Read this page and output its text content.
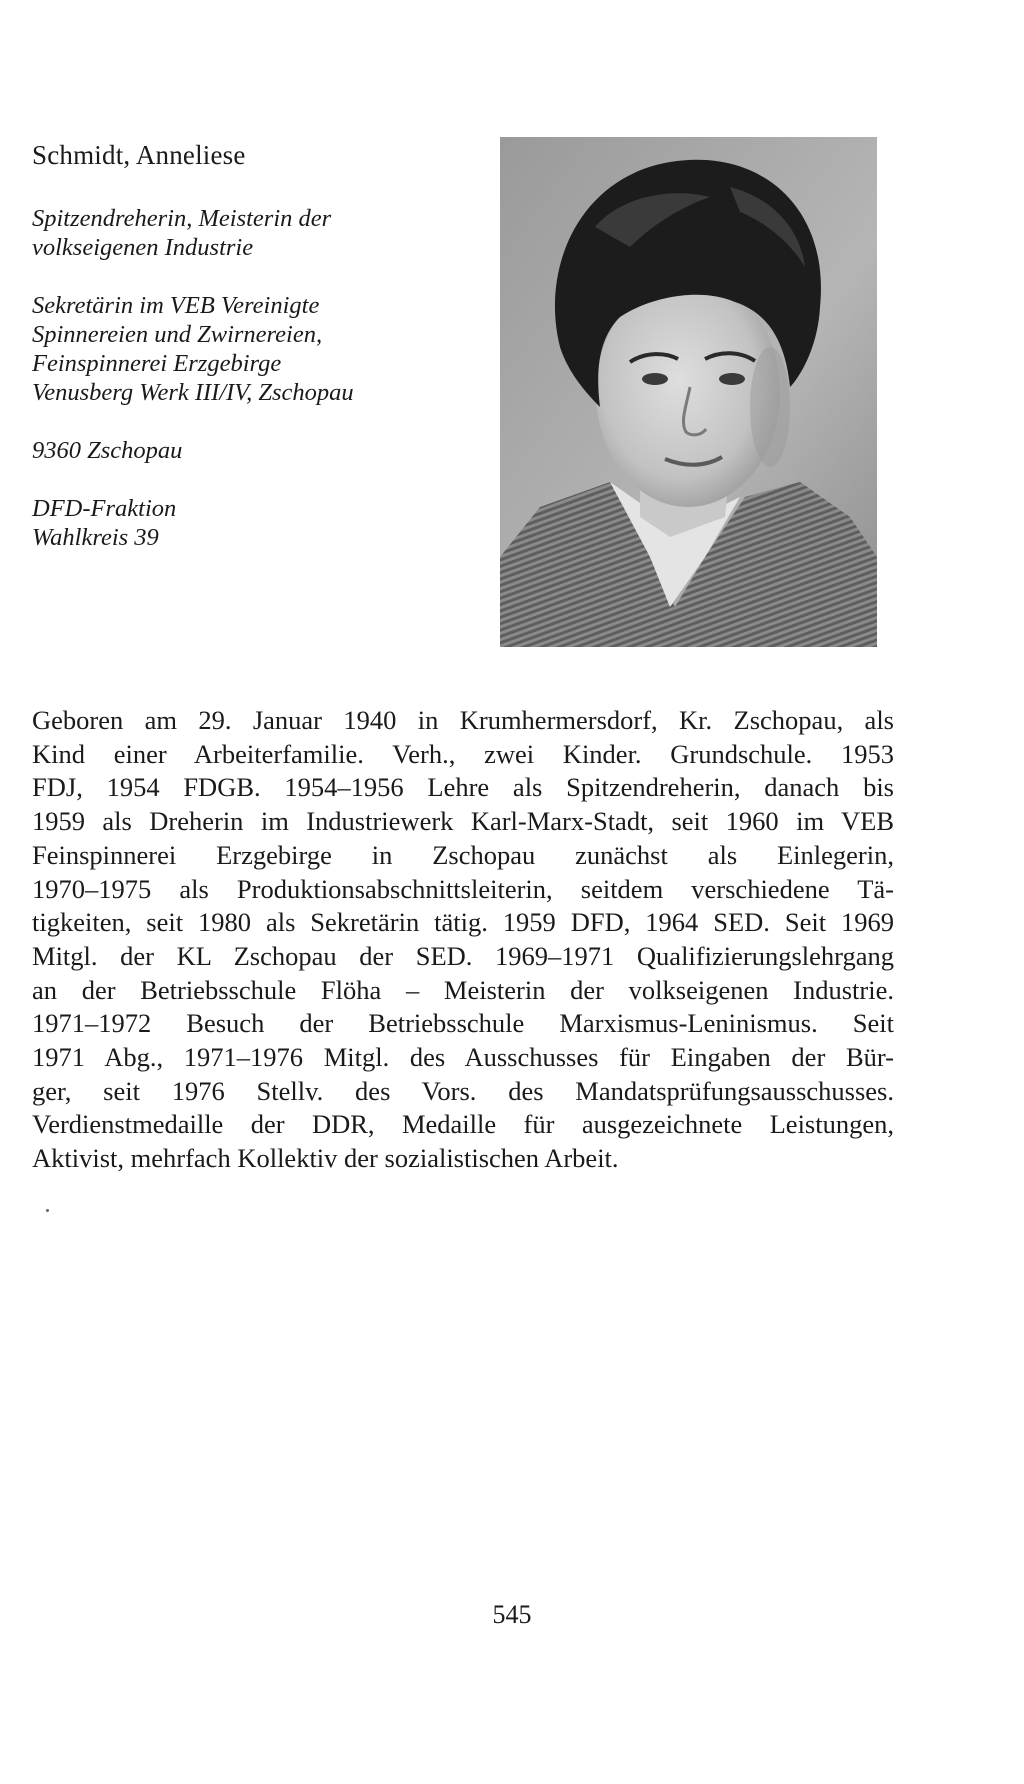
Schmidt, Anneliese
Spitzendreherin, Meisterin der
volkseigenen Industrie
Sekretärin im VEB Vereinigte
Spinnereien und Zwirnereien,
Feinspinnerei Erzgebirge
Venusberg Werk III/IV, Zschopau
9360 Zschopau
DFD-Fraktion
Wahlkreis 39
Geboren am 29. Januar 1940 in Krumhermersdorf, Kr. Zschopau, als
Kind einer Arbeiterfamilie. Verh., zwei Kinder. Grundschule. 1953
FDJ, 1954 FDGB. 1954–1956 Lehre als Spitzendreherin, danach bis
1959 als Dreherin im Industriewerk Karl-Marx-Stadt, seit 1960 im VEB
Feinspinnerei Erzgebirge in Zschopau zunächst als Einlegerin,
1970–1975 als Produktionsabschnittsleiterin, seitdem verschiedene Tä-
tigkeiten, seit 1980 als Sekretärin tätig. 1959 DFD, 1964 SED. Seit 1969
Mitgl. der KL Zschopau der SED. 1969–1971 Qualifizierungslehrgang
an der Betriebsschule Flöha – Meisterin der volkseigenen Industrie.
1971–1972 Besuch der Betriebsschule Marxismus-Leninismus. Seit
1971 Abg., 1971–1976 Mitgl. des Ausschusses für Eingaben der Bür-
ger, seit 1976 Stellv. des Vors. des Mandatsprüfungsausschusses.
Verdienstmedaille der DDR, Medaille für ausgezeichnete Leistungen,
Aktivist, mehrfach Kollektiv der sozialistischen Arbeit.
545
